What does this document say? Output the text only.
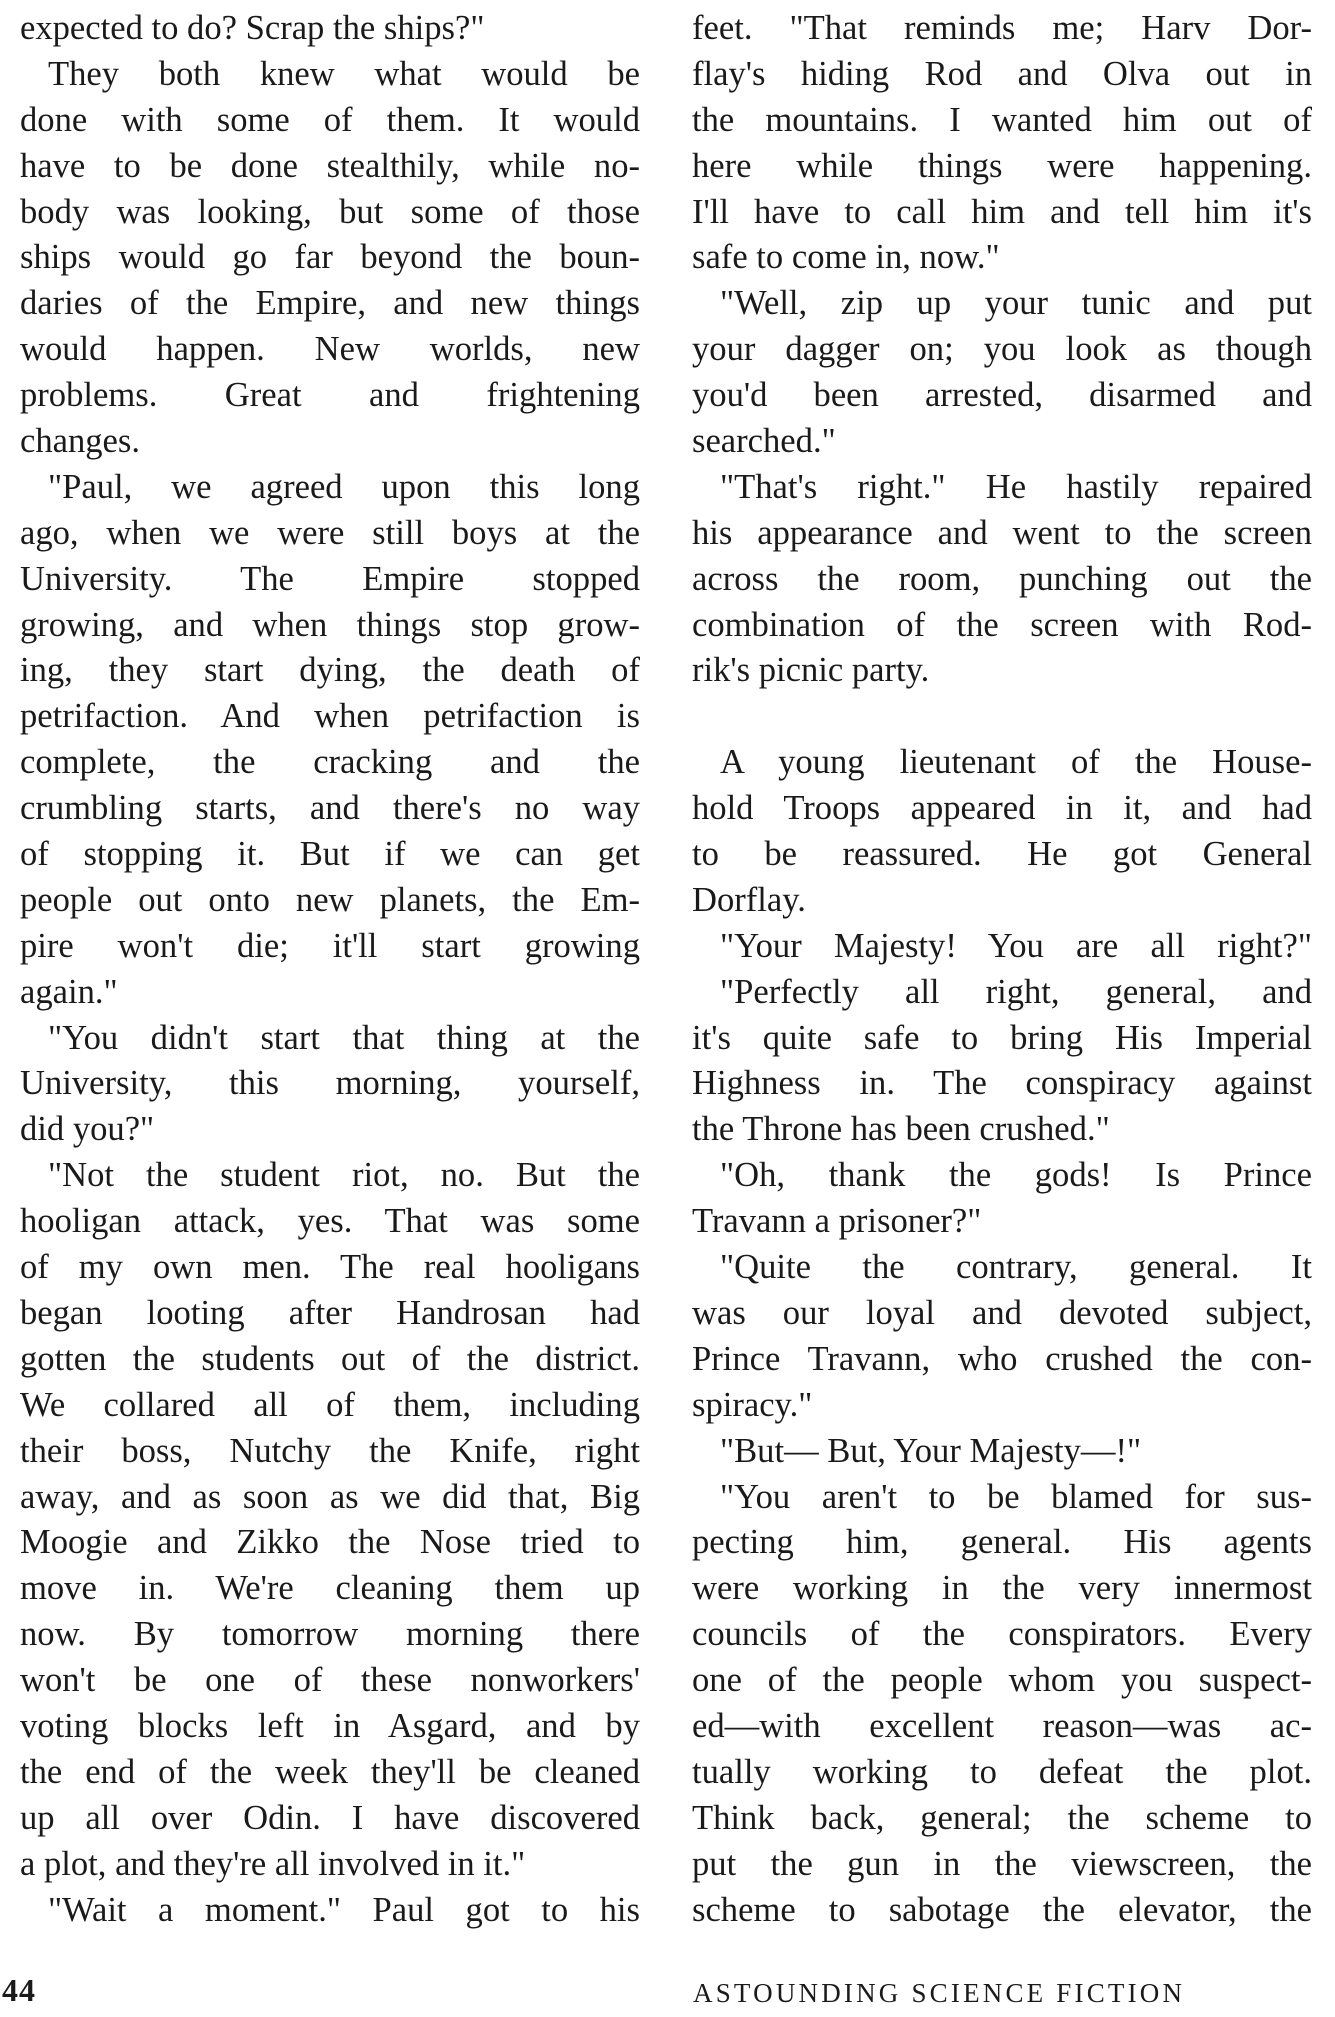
expected to do? Scrap the ships?"
They both knew what would be
done with some of them. It would
have to be done stealthily, while no-
body was looking, but some of those
ships would go far beyond the boun-
daries of the Empire, and new things
would happen. New worlds, new
problems. Great and frightening
changes.
"Paul, we agreed upon this long
ago, when we were still boys at the
University. The Empire stopped
growing, and when things stop grow-
ing, they start dying, the death of
petrifaction. And when petrifaction is
complete, the cracking and the
crumbling starts, and there's no way
of stopping it. But if we can get
people out onto new planets, the Em-
pire won't die; it'll start growing
again."
"You didn't start that thing at the
University, this morning, yourself,
did you?"
"Not the student riot, no. But the
hooligan attack, yes. That was some
of my own men. The real hooligans
began looting after Handrosan had
gotten the students out of the district.
We collared all of them, including
their boss, Nutchy the Knife, right
away, and as soon as we did that, Big
Moogie and Zikko the Nose tried to
move in. We're cleaning them up
now. By tomorrow morning there
won't be one of these nonworkers'
voting blocks left in Asgard, and by
the end of the week they'll be cleaned
up all over Odin. I have discovered
a plot, and they're all involved in it."
"Wait a moment." Paul got to his
feet. "That reminds me; Harv Dor-
flay's hiding Rod and Olva out in
the mountains. I wanted him out of
here while things were happening.
I'll have to call him and tell him it's
safe to come in, now."
"Well, zip up your tunic and put
your dagger on; you look as though
you'd been arrested, disarmed and
searched."
"That's right." He hastily repaired
his appearance and went to the screen
across the room, punching out the
combination of the screen with Rod-
rik's picnic party.
A young lieutenant of the House-
hold Troops appeared in it, and had
to be reassured. He got General
Dorflay.
"Your Majesty! You are all right?"
"Perfectly all right, general, and
it's quite safe to bring His Imperial
Highness in. The conspiracy against
the Throne has been crushed."
"Oh, thank the gods! Is Prince
Travann a prisoner?"
"Quite the contrary, general. It
was our loyal and devoted subject,
Prince Travann, who crushed the con-
spiracy."
"But— But, Your Majesty—!"
"You aren't to be blamed for sus-
pecting him, general. His agents
were working in the very innermost
councils of the conspirators. Every
one of the people whom you suspect-
ed—with excellent reason—was ac-
tually working to defeat the plot.
Think back, general; the scheme to
put the gun in the viewscreen, the
scheme to sabotage the elevator, the
44	ASTOUNDING SCIENCE FICTION
